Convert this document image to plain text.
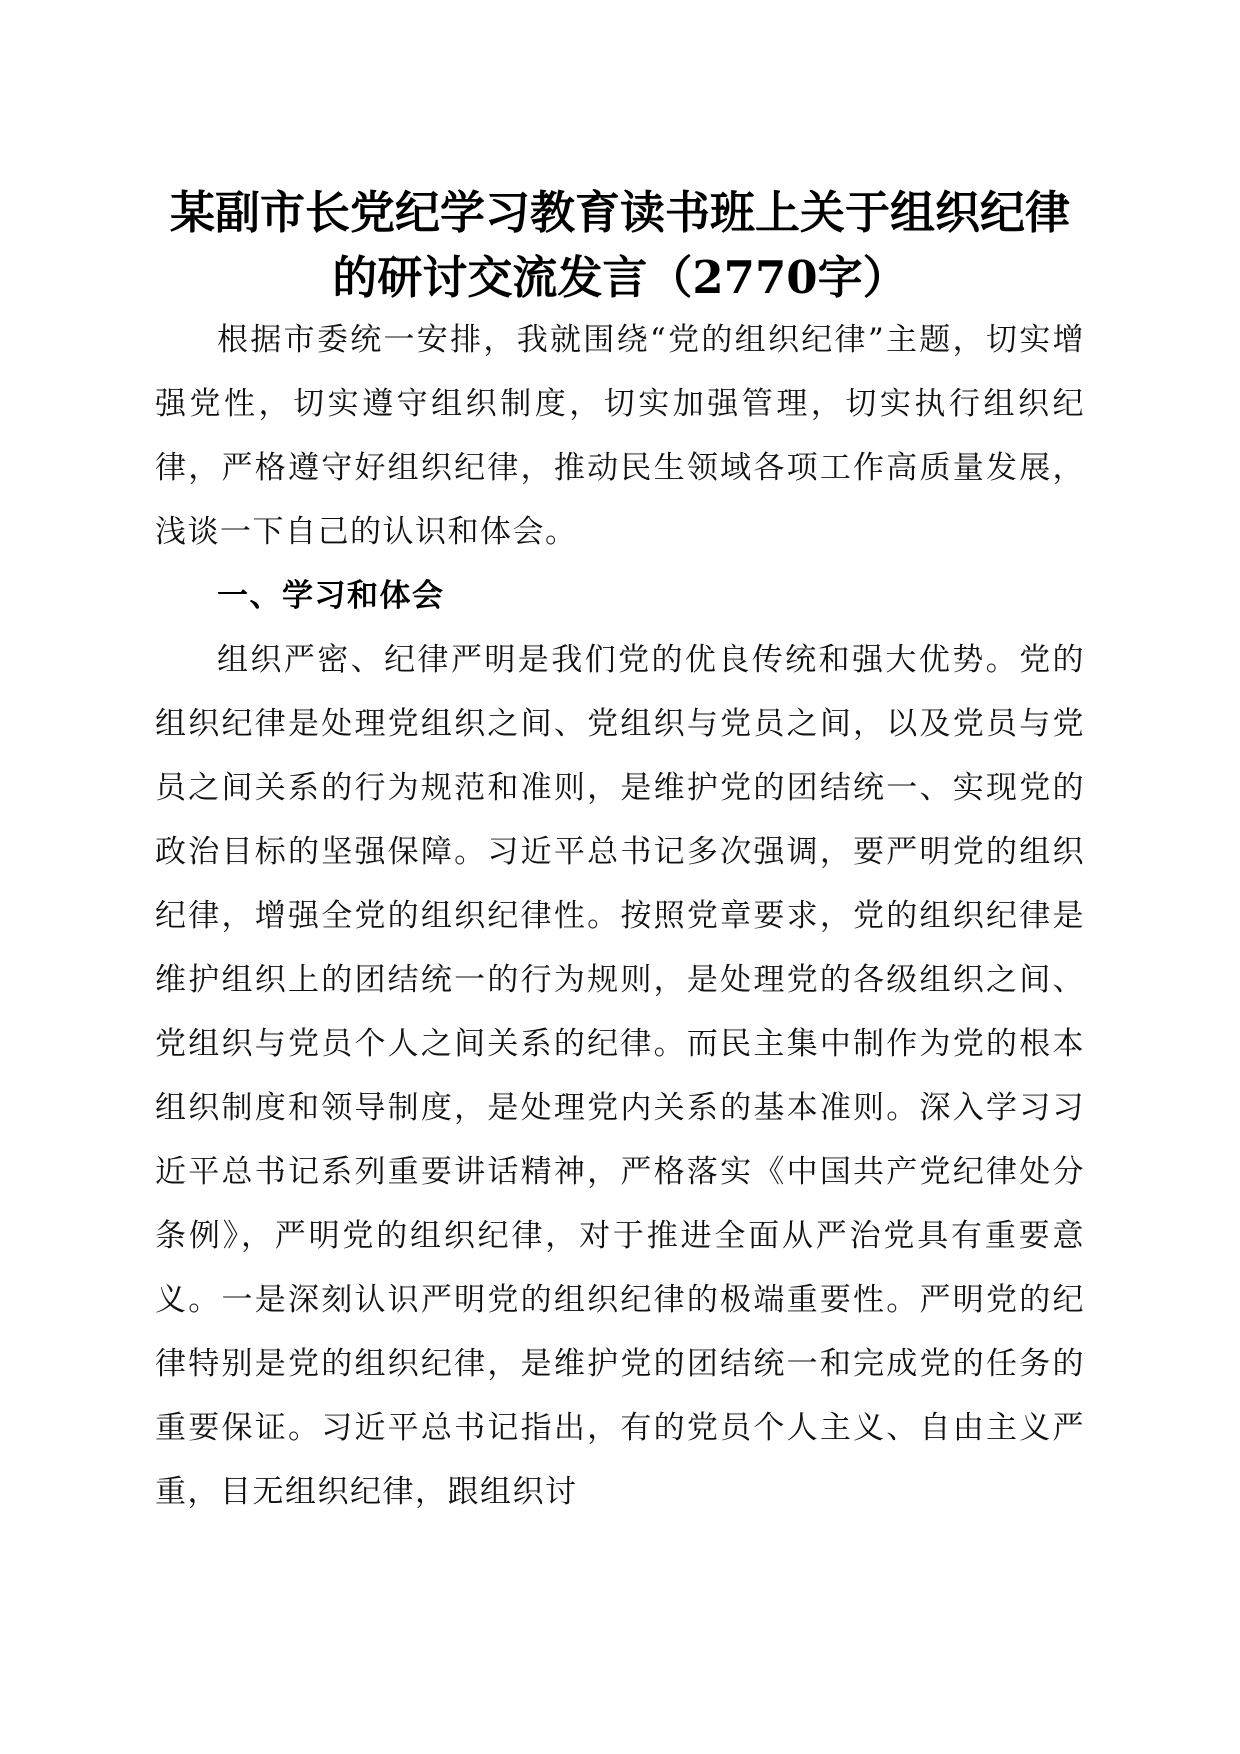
某副市长党纪学习教育读书班上关于组织纪律
的研讨交流发言（2770字）

根据市委统一安排，我就围绕“党的组织纪律”主题，切实增强党性，切实遵守组织制度，切实加强管理，切实执行组织纪律，严格遵守好组织纪律，推动民生领域各项工作高质量发展，浅谈一下自己的认识和体会。

一、学习和体会

组织严密、纪律严明是我们党的优良传统和强大优势。党的组织纪律是处理党组织之间、党组织与党员之间，以及党员与党员之间关系的行为规范和准则，是维护党的团结统一、实现党的政治目标的坚强保障。习近平总书记多次强调，要严明党的组织纪律，增强全党的组织纪律性。按照党章要求，党的组织纪律是维护组织上的团结统一的行为规则，是处理党的各级组织之间、党组织与党员个人之间关系的纪律。而民主集中制作为党的根本组织制度和领导制度，是处理党内关系的基本准则。深入学习习近平总书记系列重要讲话精神，严格落实《中国共产党纪律处分条例》，严明党的组织纪律，对于推进全面从严治党具有重要意义。一是深刻认识严明党的组织纪律的极端重要性。严明党的纪律特别是党的组织纪律，是维护党的团结统一和完成党的任务的重要保证。习近平总书记指出，有的党员个人主义、自由主义严重，目无组织纪律，跟组织讨
